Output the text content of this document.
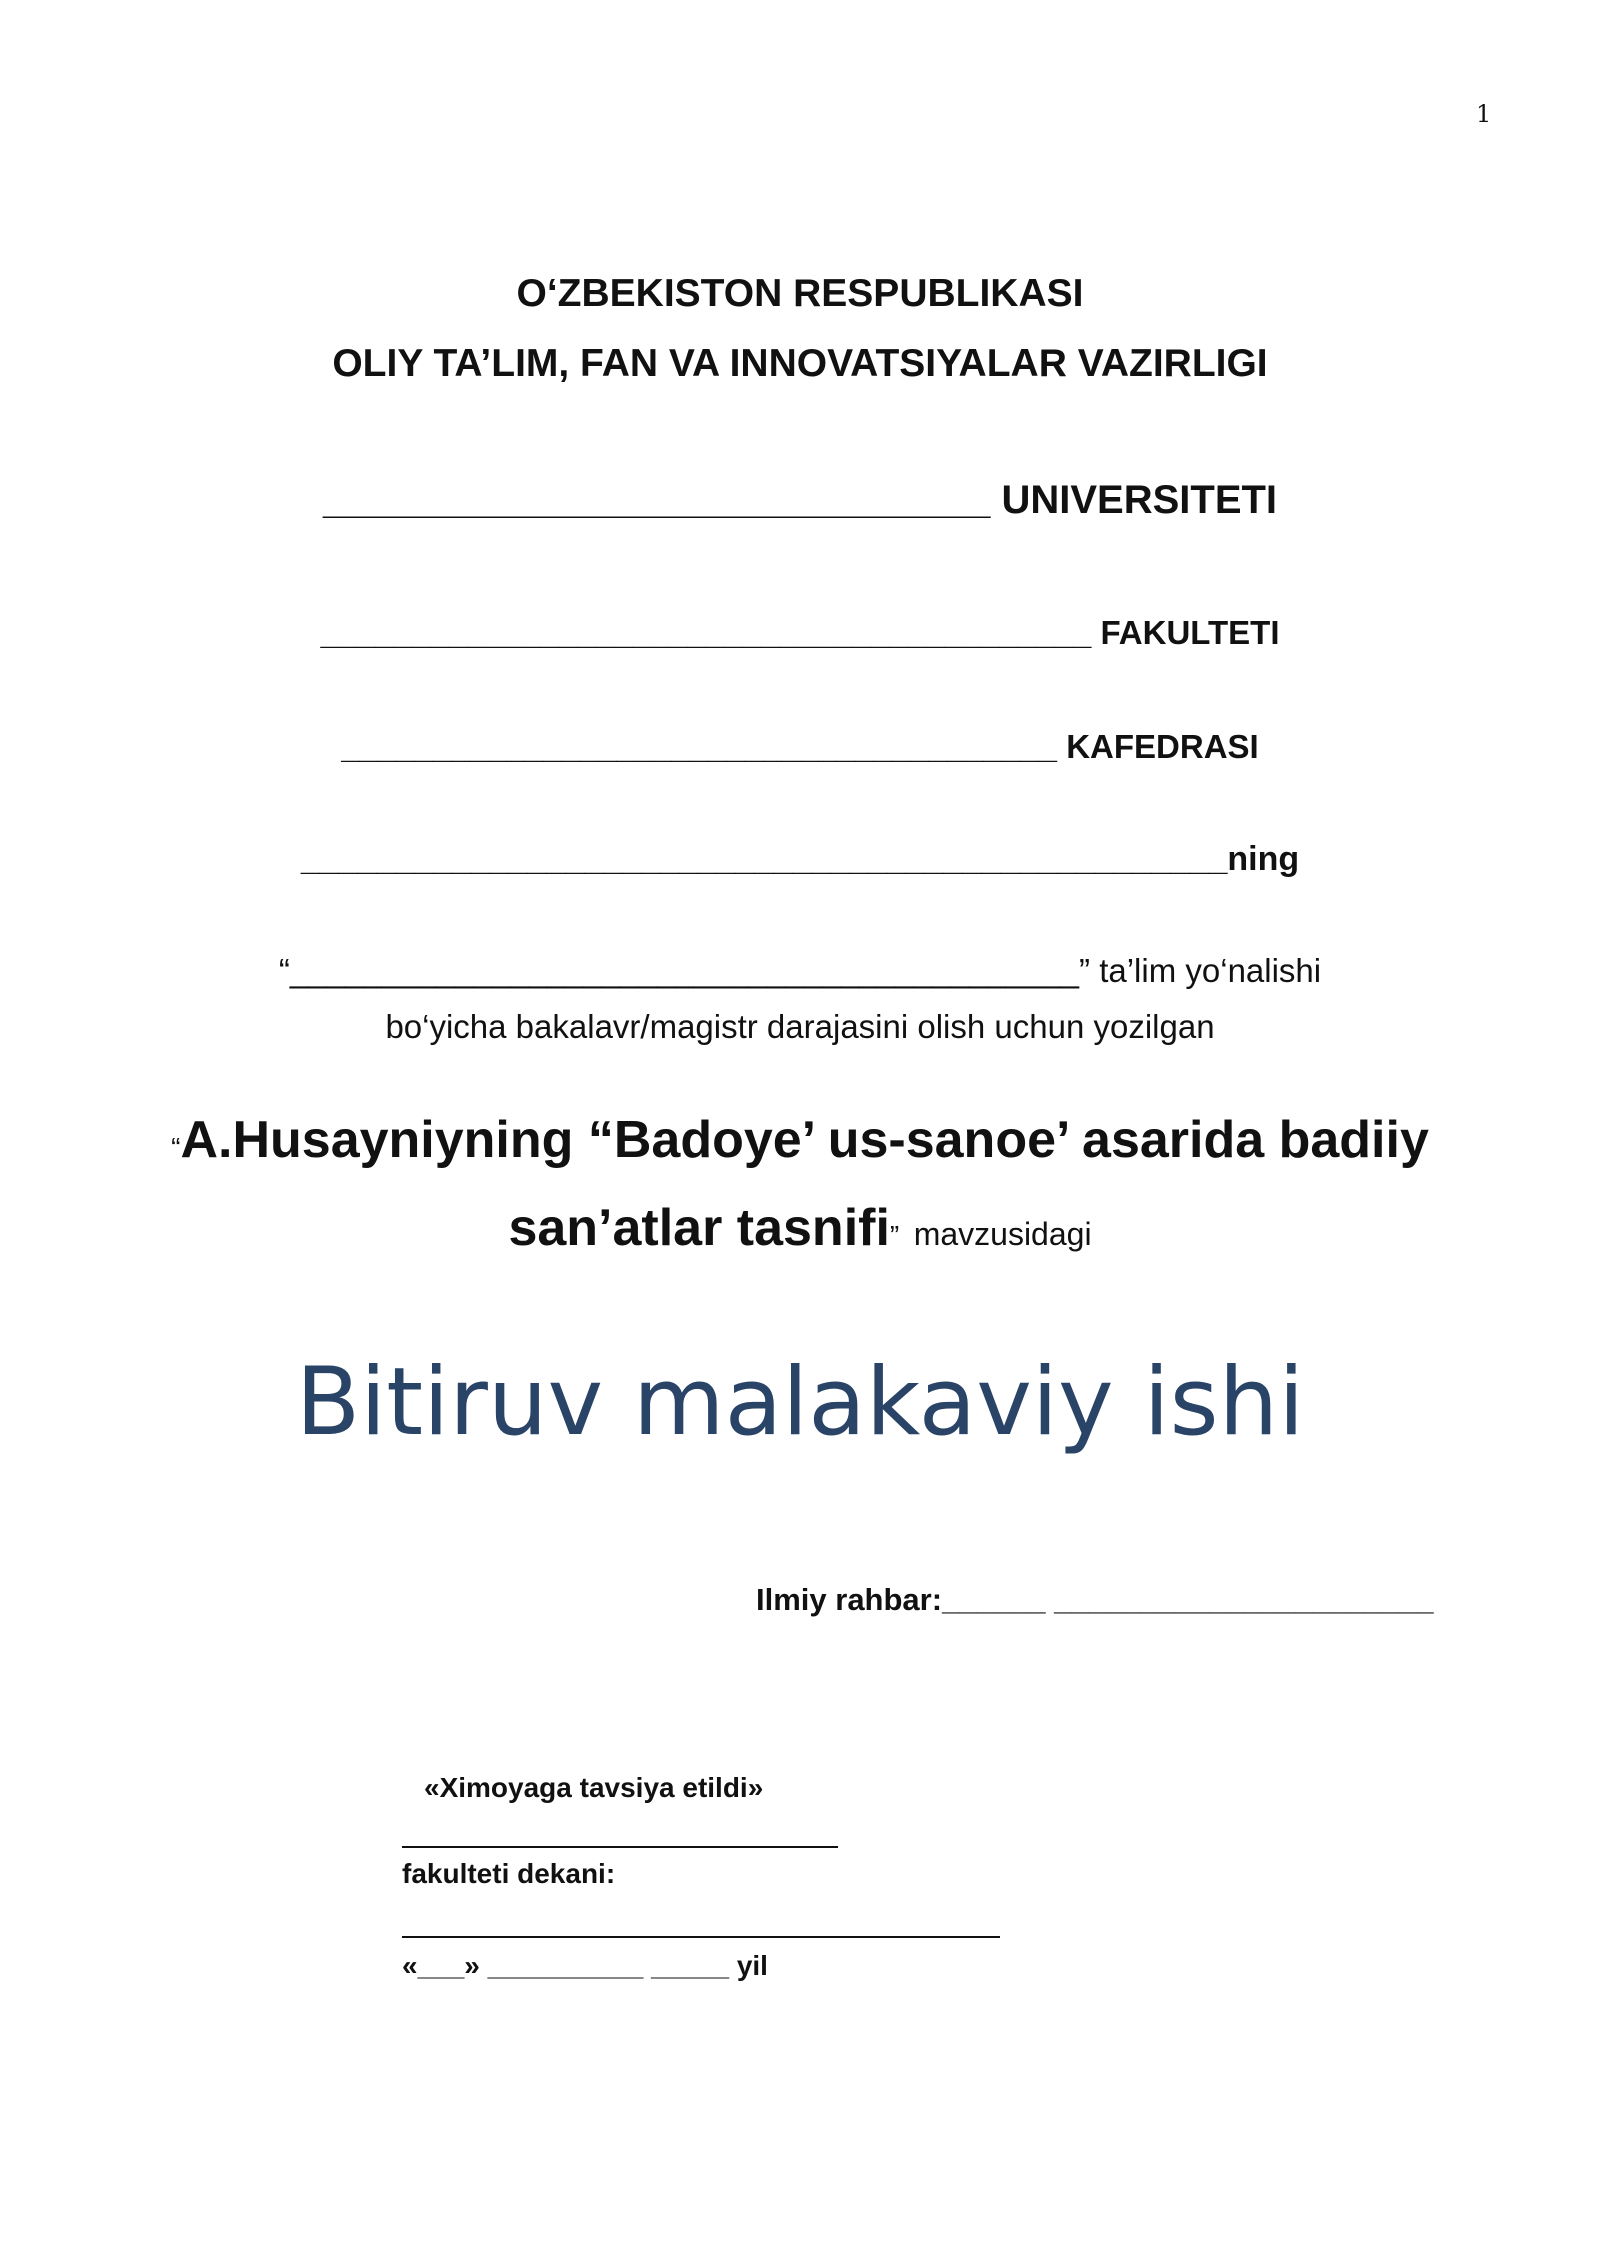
1
O‘ZBEKISTON RESPUBLIKASI
OLIY TA’LIM, FAN VA INNOVATSIYALAR VAZIRLIGI
______________________________ UNIVERSITETI
__________________________________________ FAKULTETI
_______________________________________ KAFEDRASI
_________________________________________________ning
“___________________________________________” ta’lim yo‘nalishi
bo‘yicha bakalavr/magistr darajasini olish uchun yozilgan
“A.Husayniyning “Badoye’ us-sanoe’ asarida badiiy
san’atlar tasnifi” mavzusidagi
Bitiruv malakaviy ishi
Ilmiy rahbar:______ ______________________
«Ximoyaga tavsiya etildi»
fakulteti dekani:
«___» __________ _____ yil
